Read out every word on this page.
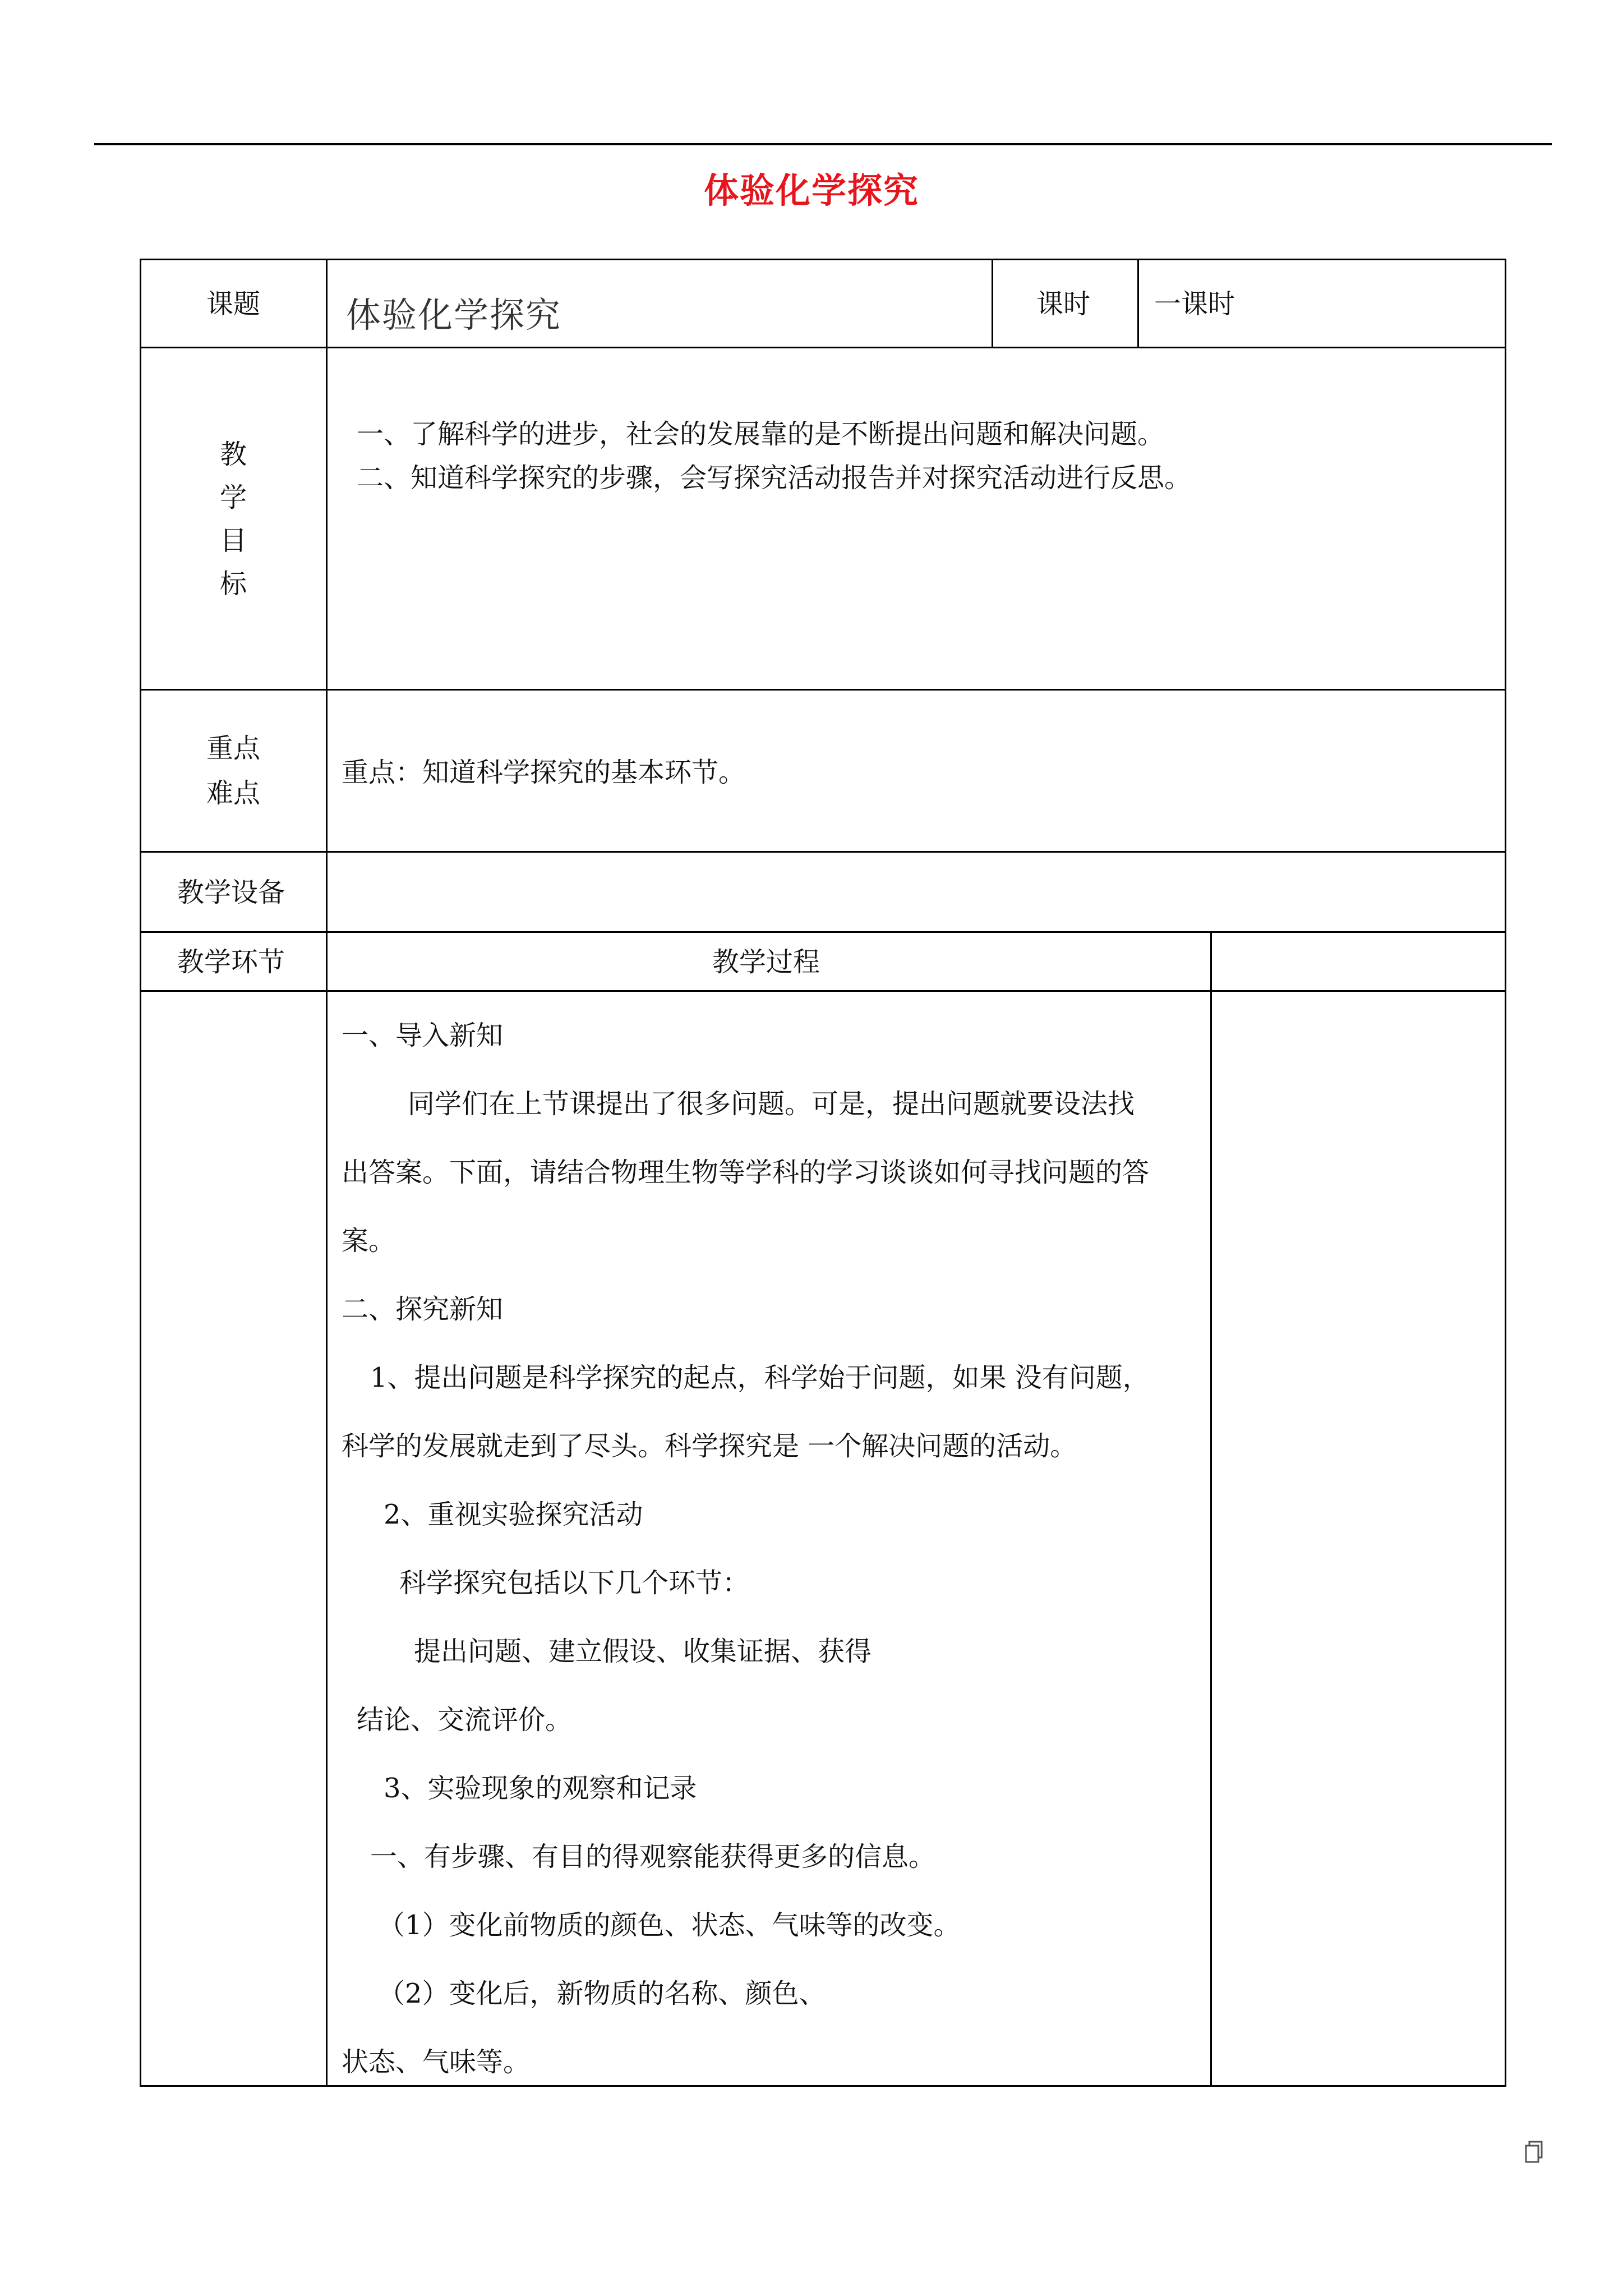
体验化学探究
课题 体验化学探究	课时 一课时
教
学
目
标
一、了解科学的进步，社会的发展靠的是不断提出问题和解决问题。
二、知道科学探究的步骤，会写探究活动报告并对探究活动进行反思。
重点
难点
重点：知道科学探究的基本环节。
教学设备
教学环节	教学过程
一、导入新知
同学们在上节课提出了很多问题。可是，提出问题就要设法找
出答案。下面，请结合物理生物等学科的学习谈谈如何寻找问题的答
案。
二、探究新知
1、提出问题是科学探究的起点，科学始于问题，如果 没有问题，
科学的发展就走到了尽头。科学探究是 一个解决问题的活动。
2、重视实验探究活动
科学探究包括以下几个环节：
提出问题、建立假设、收集证据、获得
结论、交流评价。
3、实验现象的观察和记录
一、有步骤、有目的得观察能获得更多的信息。
（1）变化前物质的颜色、状态、气味等的改变。
（2）变化后，新物质的名称、颜色、
状态、气味等。
